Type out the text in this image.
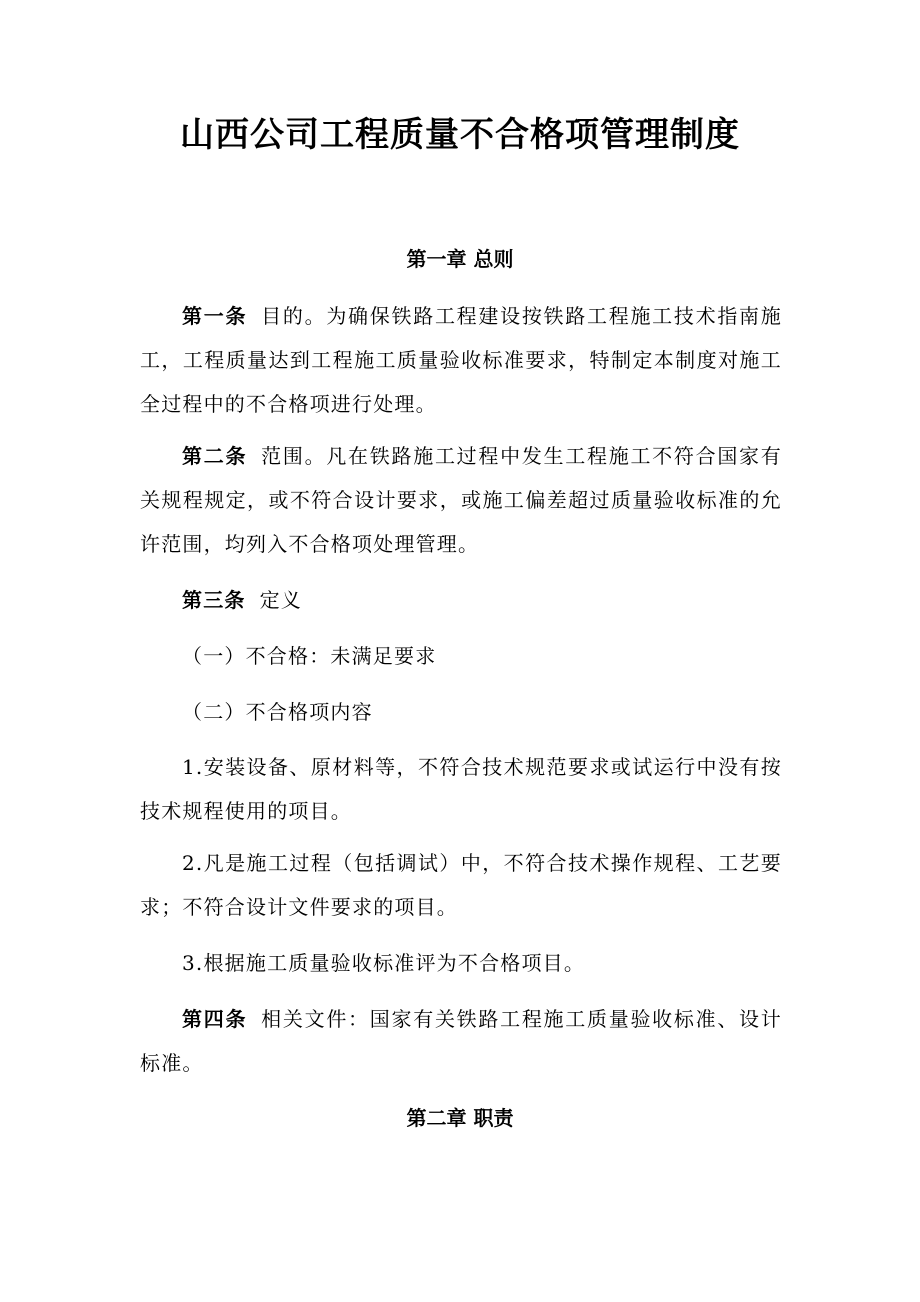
山西公司工程质量不合格项管理制度
第一章 总则
第一条 目的。为确保铁路工程建设按铁路工程施工技术指南施工，工程质量达到工程施工质量验收标准要求，特制定本制度对施工全过程中的不合格项进行处理。
第二条 范围。凡在铁路施工过程中发生工程施工不符合国家有关规程规定，或不符合设计要求，或施工偏差超过质量验收标准的允许范围，均列入不合格项处理管理。
第三条 定义
（一）不合格：未满足要求
（二）不合格项内容
1.安装设备、原材料等，不符合技术规范要求或试运行中没有按技术规程使用的项目。
2.凡是施工过程（包括调试）中，不符合技术操作规程、工艺要求；不符合设计文件要求的项目。
3.根据施工质量验收标准评为不合格项目。
第四条 相关文件：国家有关铁路工程施工质量验收标准、设计标准。
第二章 职责
